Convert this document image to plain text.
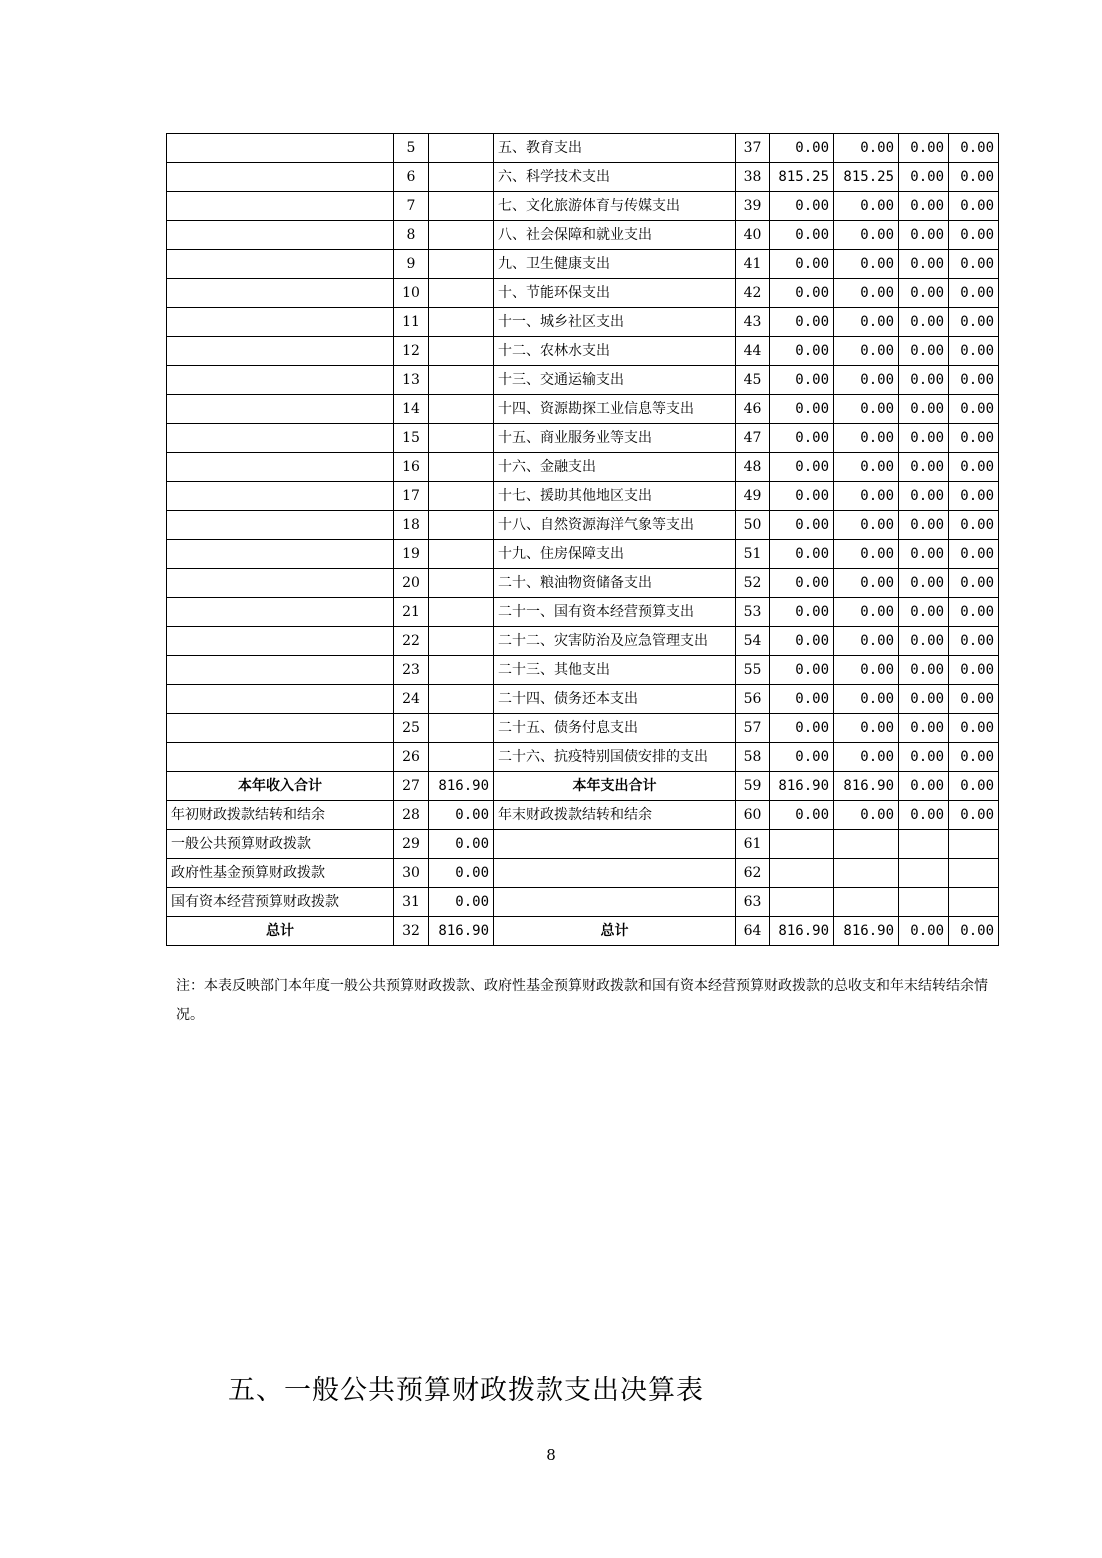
	5		五、教育支出	37	0.00	0.00	0.00	0.00
	6		六、科学技术支出	38	815.25	815.25	0.00	0.00
	7		七、文化旅游体育与传媒支出	39	0.00	0.00	0.00	0.00
	8		八、社会保障和就业支出	40	0.00	0.00	0.00	0.00
	9		九、卫生健康支出	41	0.00	0.00	0.00	0.00
	10		十、节能环保支出	42	0.00	0.00	0.00	0.00
	11		十一、城乡社区支出	43	0.00	0.00	0.00	0.00
	12		十二、农林水支出	44	0.00	0.00	0.00	0.00
	13		十三、交通运输支出	45	0.00	0.00	0.00	0.00
	14		十四、资源勘探工业信息等支出	46	0.00	0.00	0.00	0.00
	15		十五、商业服务业等支出	47	0.00	0.00	0.00	0.00
	16		十六、金融支出	48	0.00	0.00	0.00	0.00
	17		十七、援助其他地区支出	49	0.00	0.00	0.00	0.00
	18		十八、自然资源海洋气象等支出	50	0.00	0.00	0.00	0.00
	19		十九、住房保障支出	51	0.00	0.00	0.00	0.00
	20		二十、粮油物资储备支出	52	0.00	0.00	0.00	0.00
	21		二十一、国有资本经营预算支出	53	0.00	0.00	0.00	0.00
	22		二十二、灾害防治及应急管理支出	54	0.00	0.00	0.00	0.00
	23		二十三、其他支出	55	0.00	0.00	0.00	0.00
	24		二十四、债务还本支出	56	0.00	0.00	0.00	0.00
	25		二十五、债务付息支出	57	0.00	0.00	0.00	0.00
	26		二十六、抗疫特别国债安排的支出	58	0.00	0.00	0.00	0.00
本年收入合计	27	816.90	本年支出合计	59	816.90	816.90	0.00	0.00
年初财政拨款结转和结余	28	0.00	年末财政拨款结转和结余	60	0.00	0.00	0.00	0.00
一般公共预算财政拨款	29	0.00		61				
政府性基金预算财政拨款	30	0.00		62				
国有资本经营预算财政拨款	31	0.00		63				
总计	32	816.90	总计	64	816.90	816.90	0.00	0.00
注：本表反映部门本年度一般公共预算财政拨款、政府性基金预算财政拨款和国有资本经营预算财政拨款的总收支和年末结转结余情况。
五、一般公共预算财政拨款支出决算表
8
